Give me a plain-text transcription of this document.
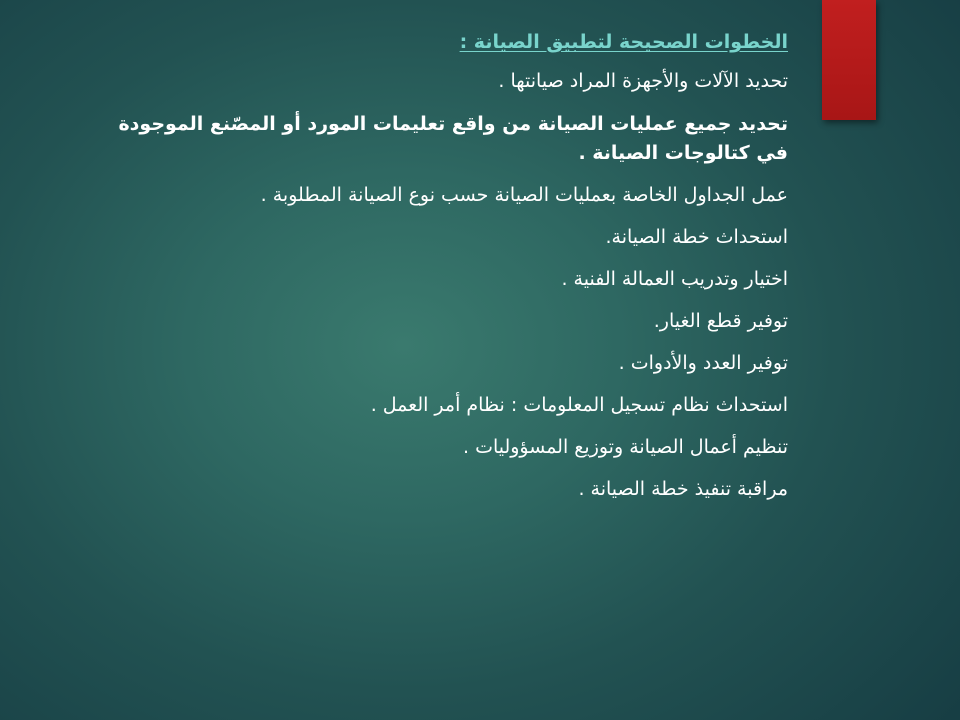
الخطوات الصحيحة لتطبيق الصيانة :
تحديد الآلات والأجهزة المراد صيانتها .
تحديد جميع عمليات الصيانة من واقع تعليمات المورد أو المصّنع الموجودة في كتالوجات الصيانة .
عمل الجداول الخاصة بعمليات الصيانة حسب نوع الصيانة المطلوبة .
استحداث خطة الصيانة.
اختيار وتدريب العمالة الفنية .
توفير قطع الغيار.
توفير العدد والأدوات .
استحداث نظام تسجيل المعلومات : نظام أمر العمل .
تنظيم أعمال الصيانة وتوزيع المسؤوليات .
مراقبة تنفيذ خطة الصيانة .
